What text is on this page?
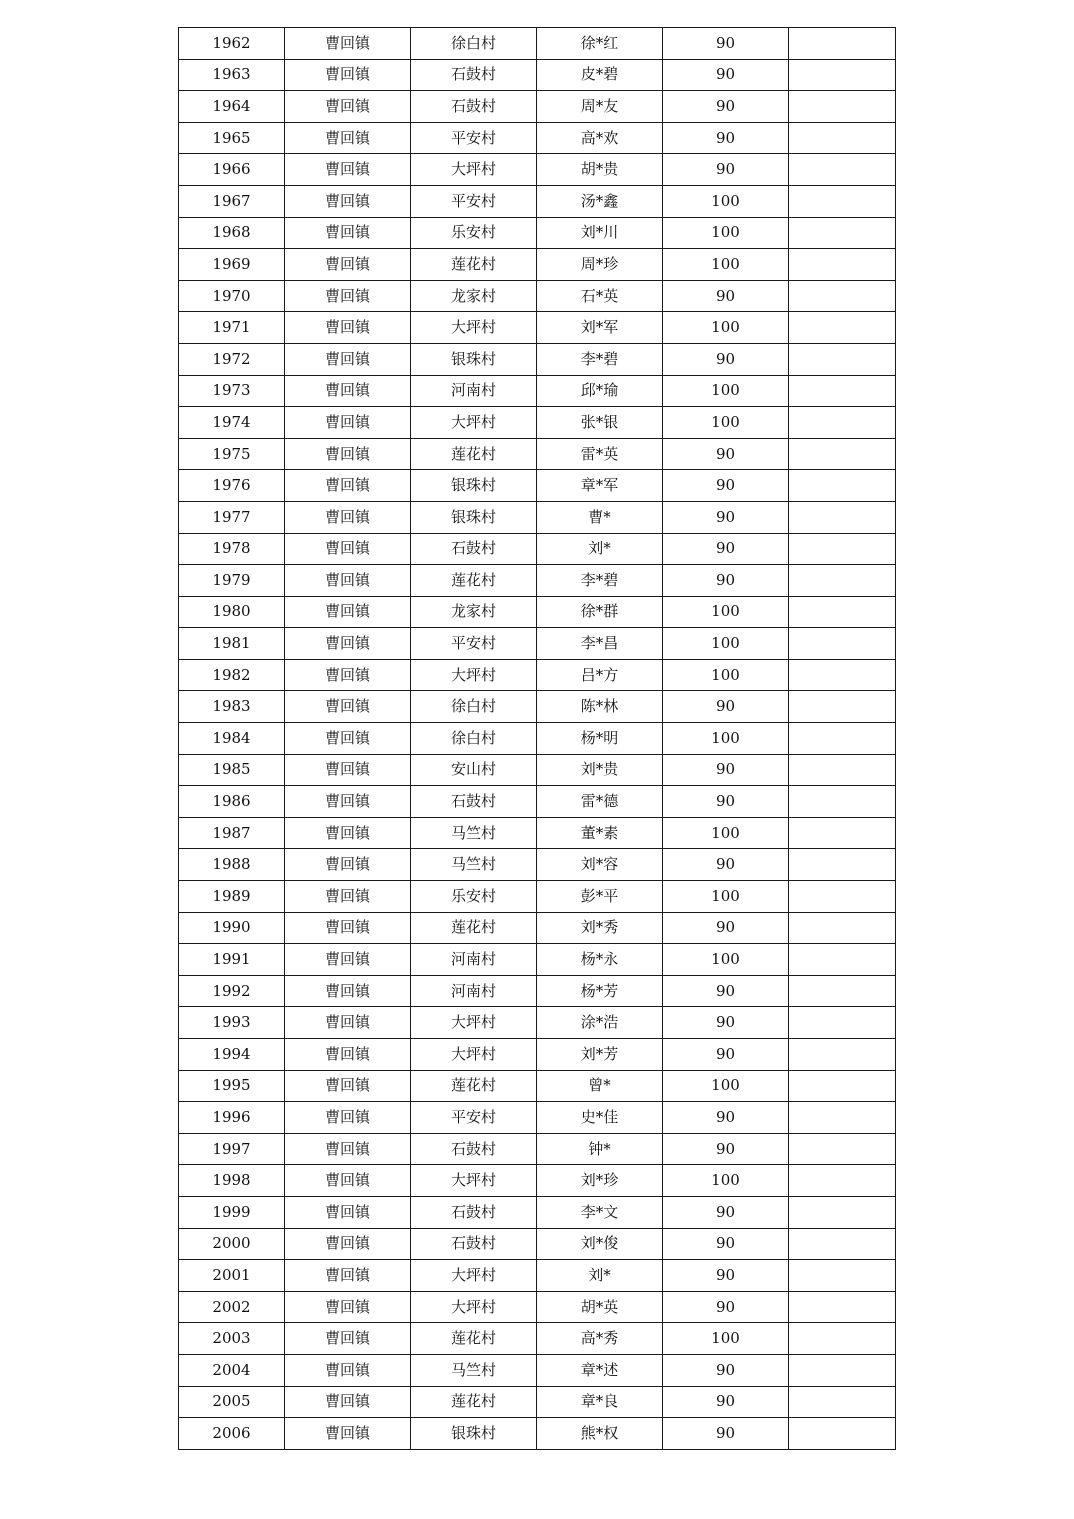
1962	曹回镇	徐白村	徐*红	90	
1963	曹回镇	石鼓村	皮*碧	90	
1964	曹回镇	石鼓村	周*友	90	
1965	曹回镇	平安村	高*欢	90	
1966	曹回镇	大坪村	胡*贵	90	
1967	曹回镇	平安村	汤*鑫	100	
1968	曹回镇	乐安村	刘*川	100	
1969	曹回镇	莲花村	周*珍	100	
1970	曹回镇	龙家村	石*英	90	
1971	曹回镇	大坪村	刘*军	100	
1972	曹回镇	银珠村	李*碧	90	
1973	曹回镇	河南村	邱*瑜	100	
1974	曹回镇	大坪村	张*银	100	
1975	曹回镇	莲花村	雷*英	90	
1976	曹回镇	银珠村	章*军	90	
1977	曹回镇	银珠村	曹*	90	
1978	曹回镇	石鼓村	刘*	90	
1979	曹回镇	莲花村	李*碧	90	
1980	曹回镇	龙家村	徐*群	100	
1981	曹回镇	平安村	李*昌	100	
1982	曹回镇	大坪村	吕*方	100	
1983	曹回镇	徐白村	陈*林	90	
1984	曹回镇	徐白村	杨*明	100	
1985	曹回镇	安山村	刘*贵	90	
1986	曹回镇	石鼓村	雷*德	90	
1987	曹回镇	马竺村	董*素	100	
1988	曹回镇	马竺村	刘*容	90	
1989	曹回镇	乐安村	彭*平	100	
1990	曹回镇	莲花村	刘*秀	90	
1991	曹回镇	河南村	杨*永	100	
1992	曹回镇	河南村	杨*芳	90	
1993	曹回镇	大坪村	涂*浩	90	
1994	曹回镇	大坪村	刘*芳	90	
1995	曹回镇	莲花村	曾*	100	
1996	曹回镇	平安村	史*佳	90	
1997	曹回镇	石鼓村	钟*	90	
1998	曹回镇	大坪村	刘*珍	100	
1999	曹回镇	石鼓村	李*文	90	
2000	曹回镇	石鼓村	刘*俊	90	
2001	曹回镇	大坪村	刘*	90	
2002	曹回镇	大坪村	胡*英	90	
2003	曹回镇	莲花村	高*秀	100	
2004	曹回镇	马竺村	章*述	90	
2005	曹回镇	莲花村	章*良	90	
2006	曹回镇	银珠村	熊*权	90	
